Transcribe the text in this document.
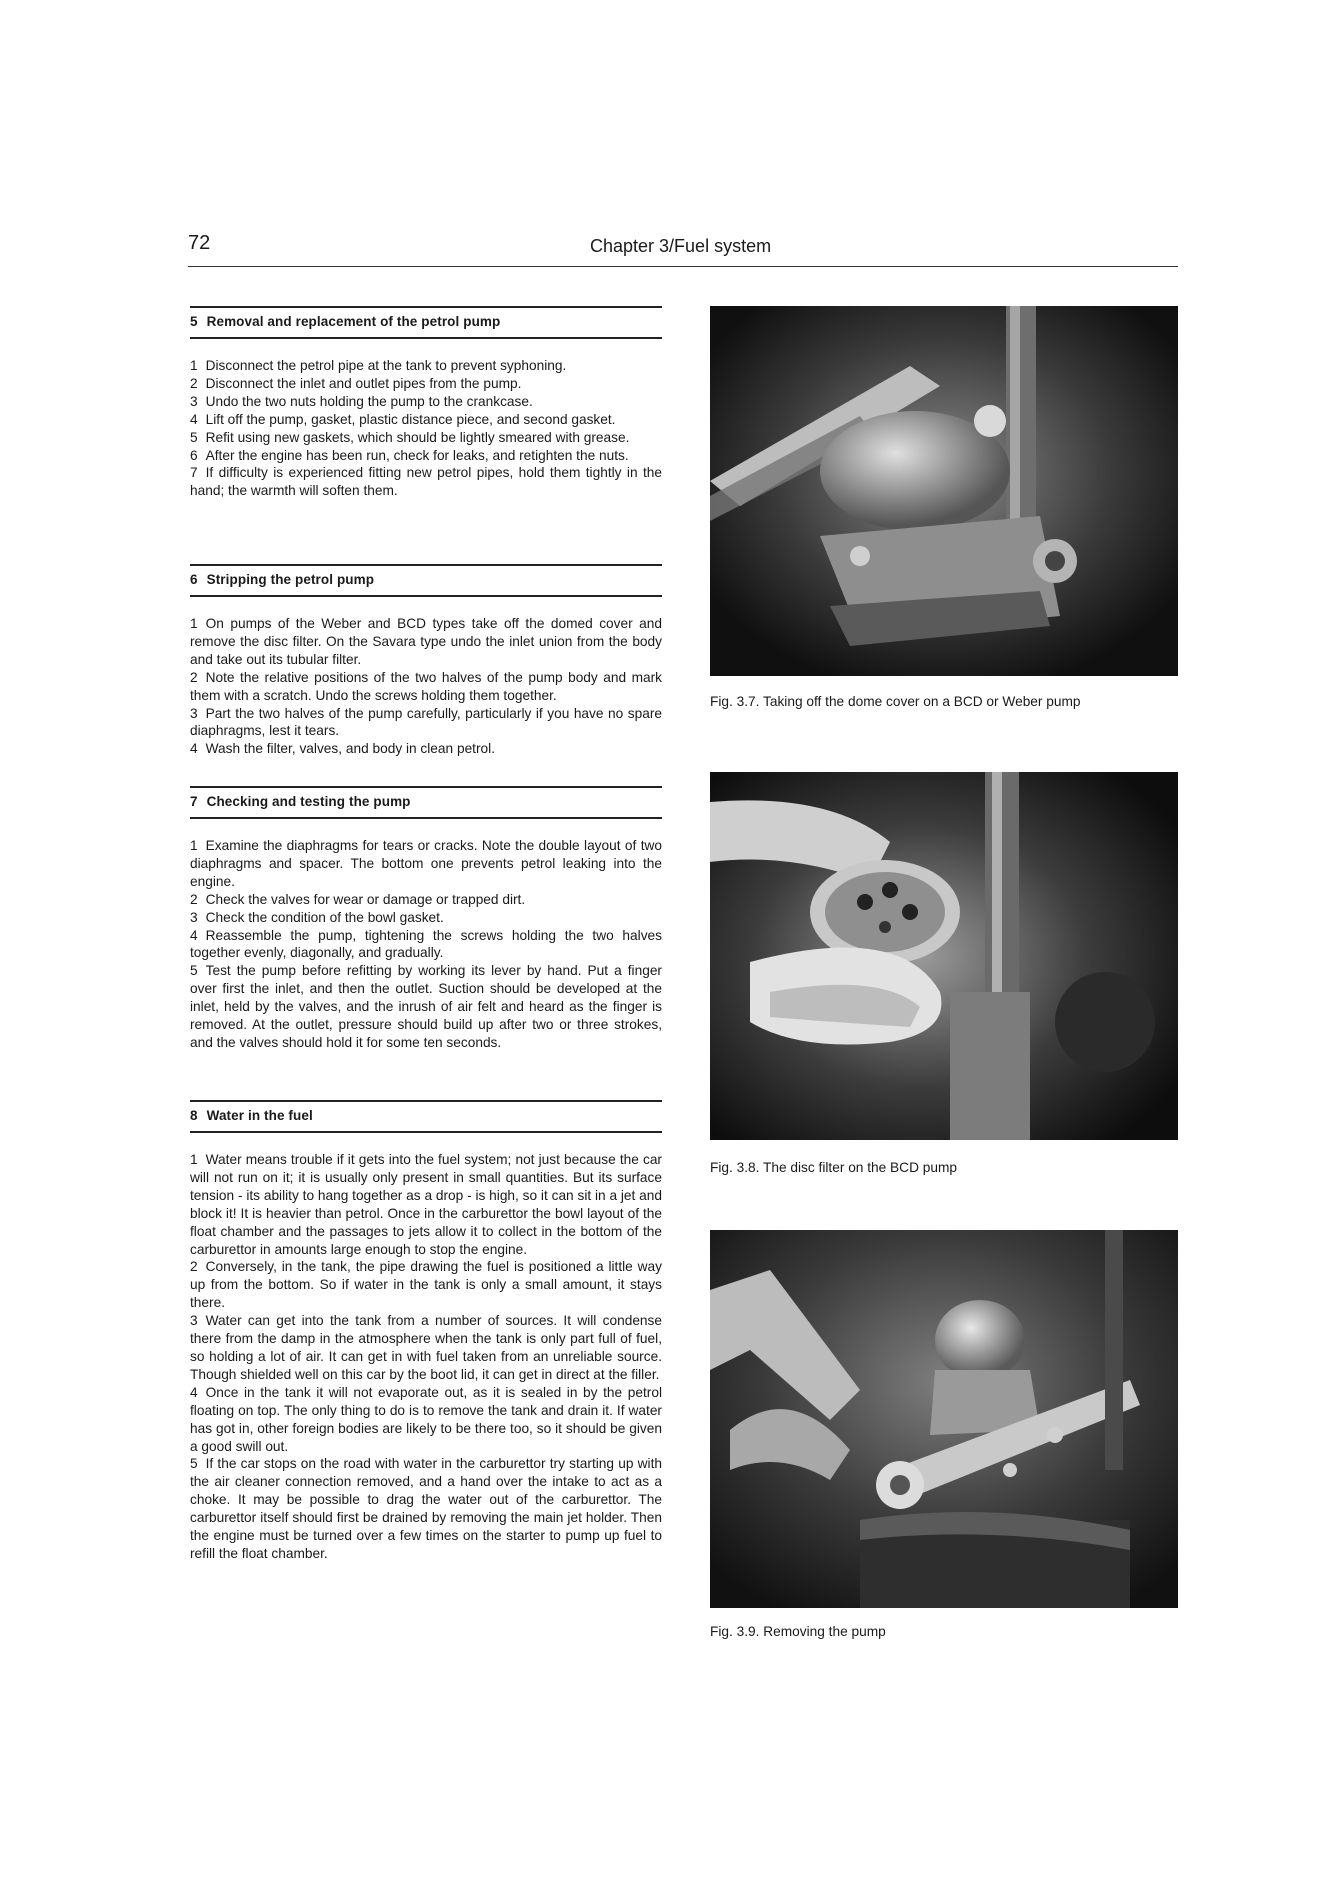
72	Chapter 3/Fuel system
5 Removal and replacement of the petrol pump

1 Disconnect the petrol pipe at the tank to prevent syphoning.

2 Disconnect the inlet and outlet pipes from the pump.

3 Undo the two nuts holding the pump to the crankcase.

4 Lift off the pump, gasket, plastic distance piece, and second gasket.

5 Refit using new gaskets, which should be lightly smeared with grease.

6 After the engine has been run, check for leaks, and retighten the nuts.

7 If difficulty is experienced fitting new petrol pipes, hold them tightly in the hand; the warmth will soften them.

6 Stripping the petrol pump

1 On pumps of the Weber and BCD types take off the domed cover and remove the disc filter. On the Savara type undo the inlet union from the body and take out its tubular filter.

2 Note the relative positions of the two halves of the pump body and mark them with a scratch. Undo the screws holding them together.

3 Part the two halves of the pump carefully, particularly if you have no spare diaphragms, lest it tears.

4 Wash the filter, valves, and body in clean petrol.

7 Checking and testing the pump

1 Examine the diaphragms for tears or cracks. Note the double layout of two diaphragms and spacer. The bottom one prevents petrol leaking into the engine.

2 Check the valves for wear or damage or trapped dirt.

3 Check the condition of the bowl gasket.

4 Reassemble the pump, tightening the screws holding the two halves together evenly, diagonally, and gradually.

5 Test the pump before refitting by working its lever by hand. Put a finger over first the inlet, and then the outlet. Suction should be developed at the inlet, held by the valves, and the inrush of air felt and heard as the finger is removed. At the outlet, pressure should build up after two or three strokes, and the valves should hold it for some ten seconds.

8 Water in the fuel

1 Water means trouble if it gets into the fuel system; not just because the car will not run on it; it is usually only present in small quantities. But its surface tension - its ability to hang together as a drop - is high, so it can sit in a jet and block it! It is heavier than petrol. Once in the carburettor the bowl layout of the float chamber and the passages to jets allow it to collect in the bottom of the carburettor in amounts large enough to stop the engine.

2 Conversely, in the tank, the pipe drawing the fuel is positioned a little way up from the bottom. So if water in the tank is only a small amount, it stays there.

3 Water can get into the tank from a number of sources. It will condense there from the damp in the atmosphere when the tank is only part full of fuel, so holding a lot of air. It can get in with fuel taken from an unreliable source. Though shielded well on this car by the boot lid, it can get in direct at the filler.

4 Once in the tank it will not evaporate out, as it is sealed in by the petrol floating on top. The only thing to do is to remove the tank and drain it. If water has got in, other foreign bodies are likely to be there too, so it should be given a good swill out.

5 If the car stops on the road with water in the carburettor try starting up with the air cleaner connection removed, and a hand over the intake to act as a choke. It may be possible to drag the water out of the carburettor. The carburettor itself should first be drained by removing the main jet holder. Then the engine must be turned over a few times on the starter to pump up fuel to refill the float chamber.

Fig. 3.7. Taking off the dome cover on a BCD or Weber pump
Fig. 3.8. The disc filter on the BCD pump
Fig. 3.9. Removing the pump
